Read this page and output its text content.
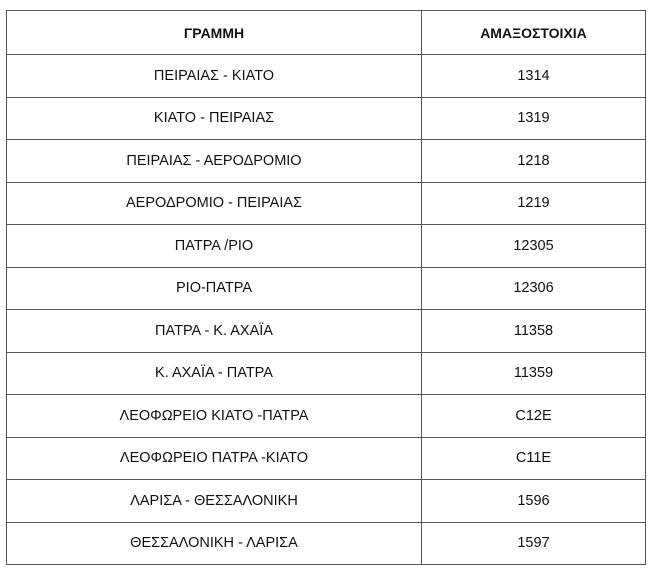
ΓΡΑΜΜΗ	ΑΜΑΞΟΣΤΟΙΧΙΑ
ΠΕΙΡΑΙΑΣ - ΚΙΑΤΟ	1314
ΚΙΑΤΟ - ΠΕΙΡΑΙΑΣ	1319
ΠΕΙΡΑΙΑΣ - ΑΕΡΟΔΡΟΜΙΟ	1218
ΑΕΡΟΔΡΟΜΙΟ - ΠΕΙΡΑΙΑΣ	1219
ΠΑΤΡΑ /ΡΙΟ	12305
ΡΙΟ-ΠΑΤΡΑ	12306
ΠΑΤΡΑ - Κ. ΑΧΑΪΑ	11358
Κ. ΑΧΑΪΑ - ΠΑΤΡΑ	11359
ΛΕΟΦΩΡΕΙΟ ΚΙΑΤΟ -ΠΑΤΡΑ	C12E
ΛΕΟΦΩΡΕΙΟ ΠΑΤΡΑ -ΚΙΑΤΟ	C11E
ΛΑΡΙΣΑ - ΘΕΣΣΑΛΟΝΙΚΗ	1596
ΘΕΣΣΑΛΟΝΙΚΗ - ΛΑΡΙΣΑ	1597
